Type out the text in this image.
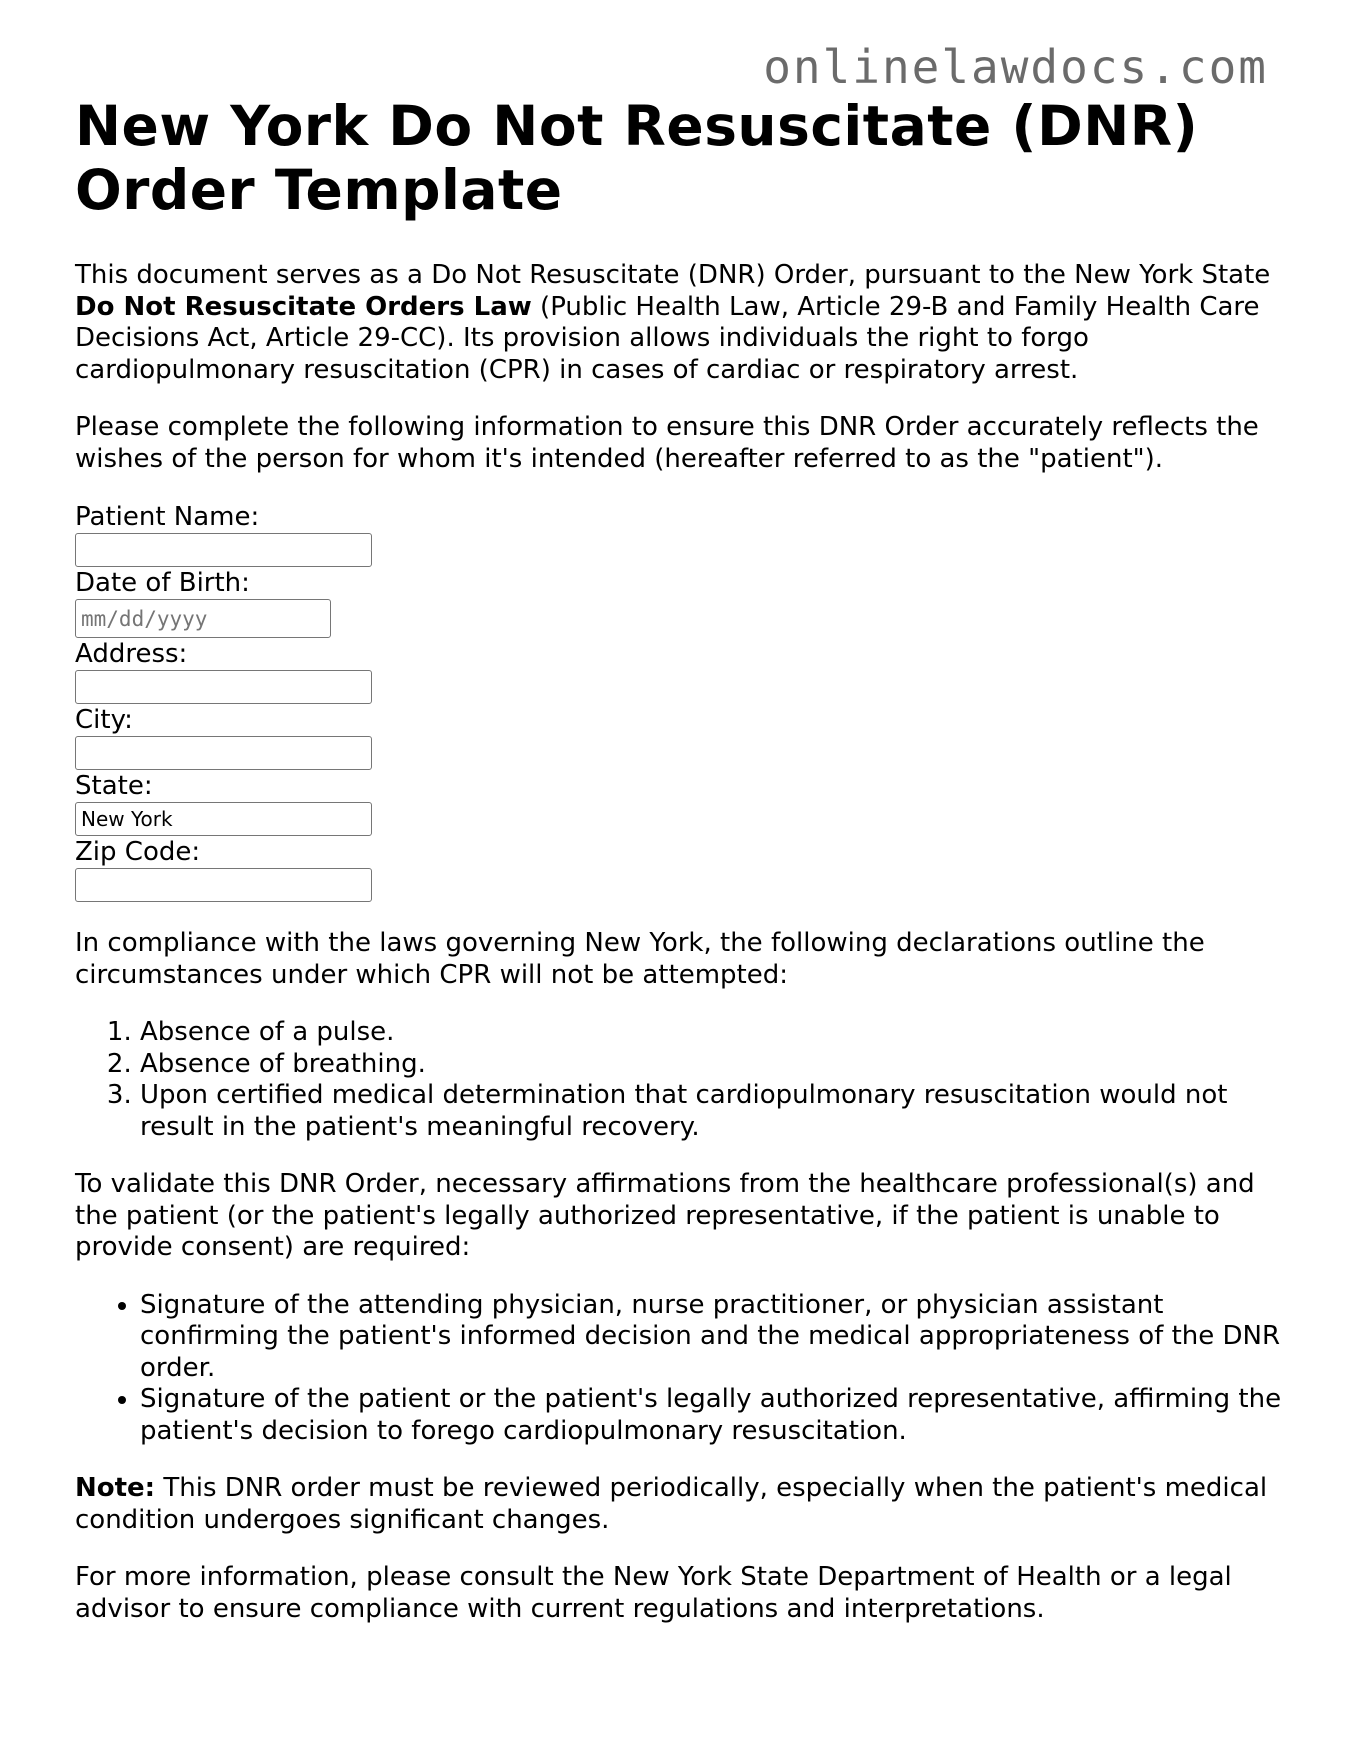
onlinelawdocs.com
New York Do Not Resuscitate (DNR) Order Template

This document serves as a Do Not Resuscitate (DNR) Order, pursuant to the New York State Do Not Resuscitate Orders Law (Public Health Law, Article 29-B and Family Health Care Decisions Act, Article 29-CC). Its provision allows individuals the right to forgo cardiopulmonary resuscitation (CPR) in cases of cardiac or respiratory arrest.

Please complete the following information to ensure this DNR Order accurately reflects the wishes of the person for whom it's intended (hereafter referred to as the "patient").

Patient Name:
Date of Birth:
mm/dd/yyyy
Address:
City:
State:
New York
Zip Code:

In compliance with the laws governing New York, the following declarations outline the circumstances under which CPR will not be attempted:

1. Absence of a pulse.
2. Absence of breathing.
3. Upon certified medical determination that cardiopulmonary resuscitation would not result in the patient's meaningful recovery.

To validate this DNR Order, necessary affirmations from the healthcare professional(s) and the patient (or the patient's legally authorized representative, if the patient is unable to provide consent) are required:

• Signature of the attending physician, nurse practitioner, or physician assistant confirming the patient's informed decision and the medical appropriateness of the DNR order.
• Signature of the patient or the patient's legally authorized representative, affirming the patient's decision to forego cardiopulmonary resuscitation.

Note: This DNR order must be reviewed periodically, especially when the patient's medical condition undergoes significant changes.

For more information, please consult the New York State Department of Health or a legal advisor to ensure compliance with current regulations and interpretations.
